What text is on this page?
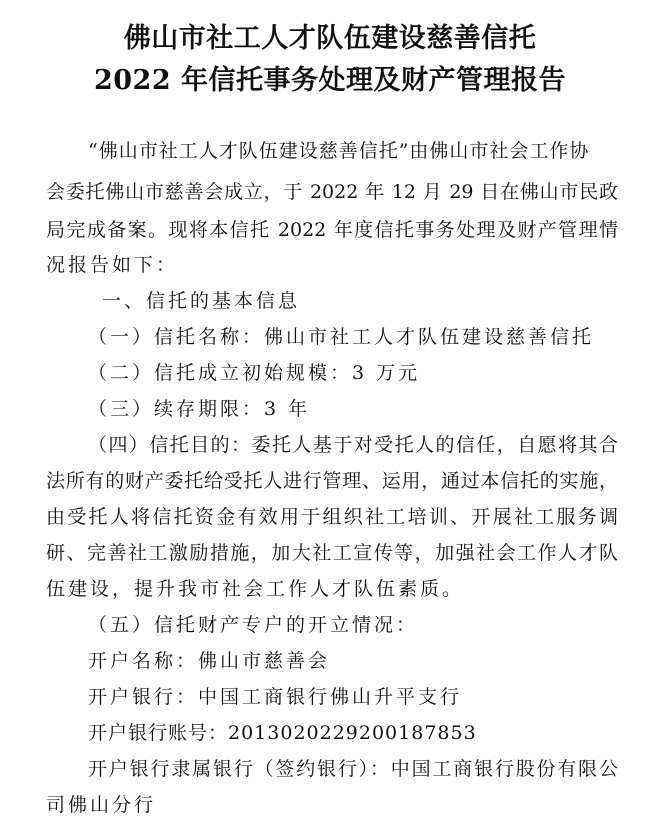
佛山市社工人才队伍建设慈善信托
2022 年信托事务处理及财产管理报告

“佛山市社工人才队伍建设慈善信托”由佛山市社会工作协

会委托佛山市慈善会成立，于 2022 年 12 月 29 日在佛山市民政

局完成备案。现将本信托 2022 年度信托事务处理及财产管理情

况报告如下：

一、信托的基本信息

（一）信托名称：佛山市社工人才队伍建设慈善信托

（二）信托成立初始规模：3 万元

（三）续存期限：3 年

（四）信托目的：委托人基于对受托人的信任，自愿将其合

法所有的财产委托给受托人进行管理、运用，通过本信托的实施，

由受托人将信托资金有效用于组织社工培训、开展社工服务调

研、完善社工激励措施，加大社工宣传等，加强社会工作人才队

伍建设，提升我市社会工作人才队伍素质。

（五）信托财产专户的开立情况：

开户名称：佛山市慈善会

开户银行：中国工商银行佛山升平支行

开户银行账号：2013020229200187853

开户银行隶属银行（签约银行）：中国工商银行股份有限公

司佛山分行
